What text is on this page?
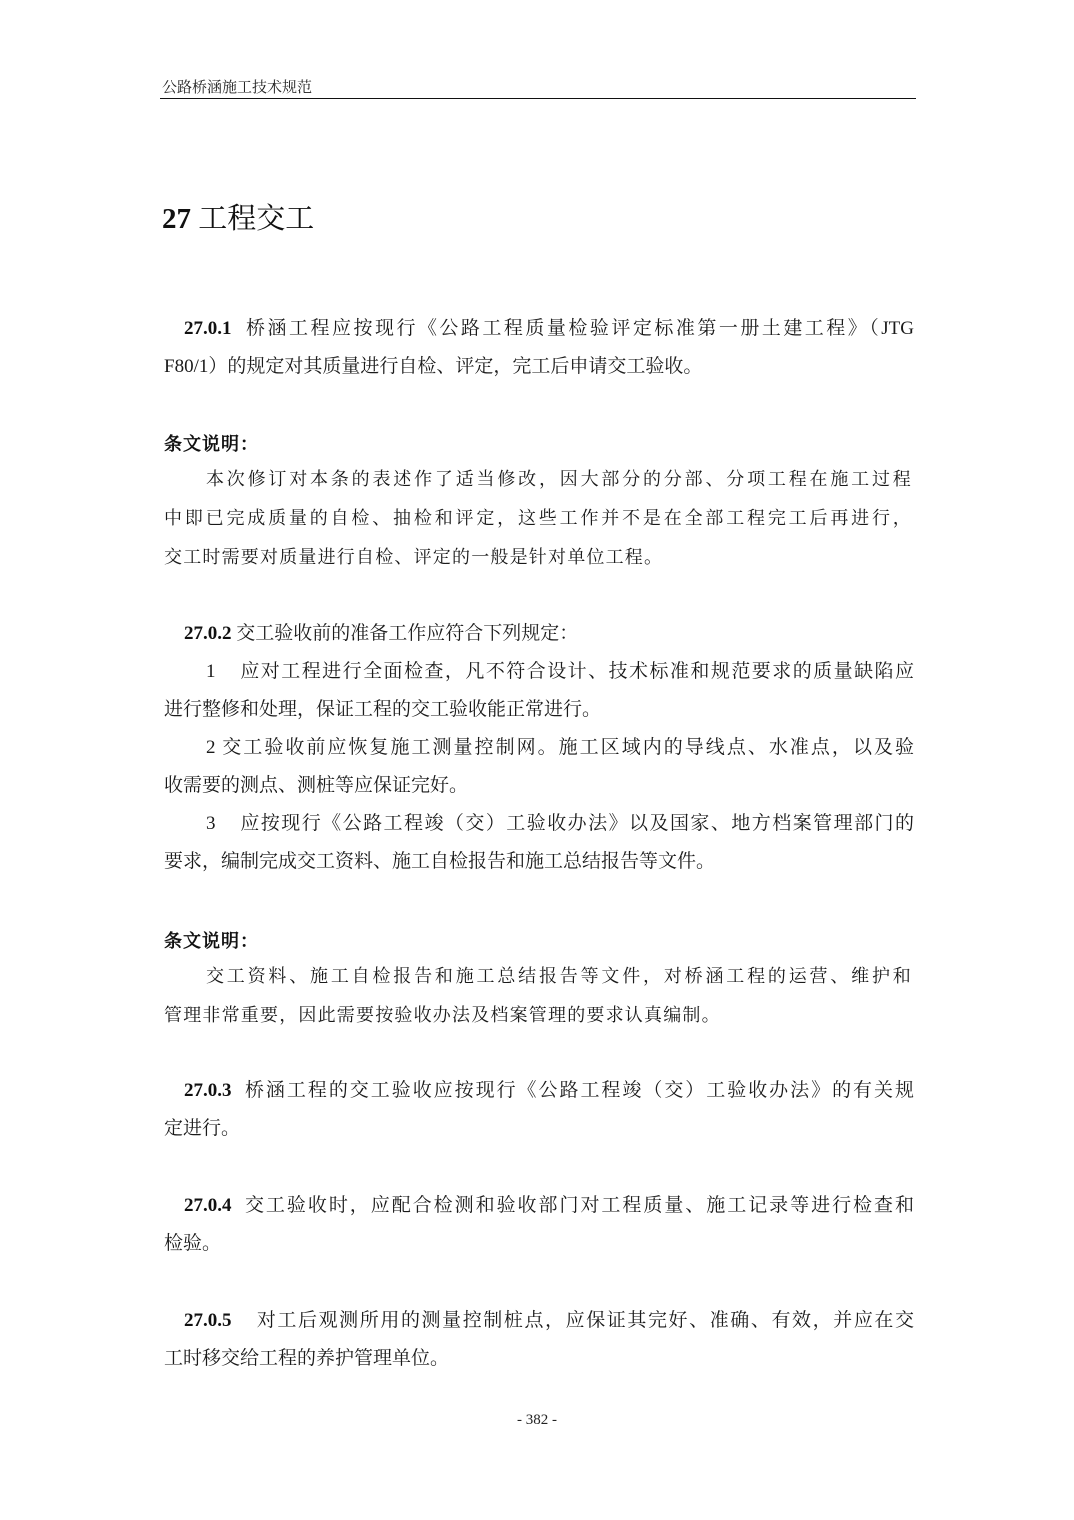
公路桥涵施工技术规范
27 工程交工
27.0.1 桥涵工程应按现行《公路工程质量检验评定标准第一册土建工程》（JTG
F80/1）的规定对其质量进行自检、评定，完工后申请交工验收。
条文说明：
本次修订对本条的表述作了适当修改，因大部分的分部、分项工程在施工过程
中即已完成质量的自检、抽检和评定，这些工作并不是在全部工程完工后再进行，
交工时需要对质量进行自检、评定的一般是针对单位工程。
27.0.2 交工验收前的准备工作应符合下列规定：
1 应对工程进行全面检查，凡不符合设计、技术标准和规范要求的质量缺陷应
进行整修和处理，保证工程的交工验收能正常进行。
2 交工验收前应恢复施工测量控制网。施工区域内的导线点、水准点，以及验
收需要的测点、测桩等应保证完好。
3 应按现行《公路工程竣（交）工验收办法》以及国家、地方档案管理部门的
要求，编制完成交工资料、施工自检报告和施工总结报告等文件。
条文说明：
交工资料、施工自检报告和施工总结报告等文件，对桥涵工程的运营、维护和
管理非常重要，因此需要按验收办法及档案管理的要求认真编制。
27.0.3 桥涵工程的交工验收应按现行《公路工程竣（交）工验收办法》的有关规
定进行。
27.0.4 交工验收时，应配合检测和验收部门对工程质量、施工记录等进行检查和
检验。
27.0.5 对工后观测所用的测量控制桩点，应保证其完好、准确、有效，并应在交
工时移交给工程的养护管理单位。
- 382 -
